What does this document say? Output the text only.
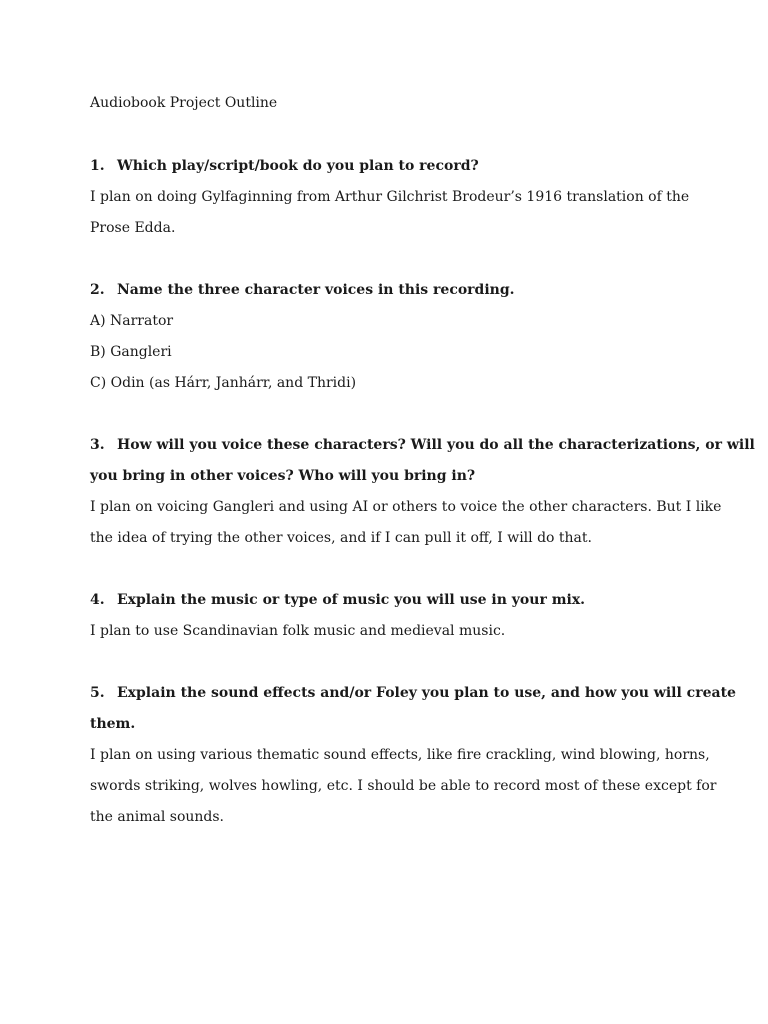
Audiobook Project Outline
1. Which play/script/book do you plan to record?
I plan on doing Gylfaginning from Arthur Gilchrist Brodeur’s 1916 translation of the
Prose Edda.
2. Name the three character voices in this recording.
A) Narrator
B) Gangleri
C) Odin (as Hárr, Janhárr, and Thridi)
3. How will you voice these characters? Will you do all the characterizations, or will
you bring in other voices? Who will you bring in?
I plan on voicing Gangleri and using AI or others to voice the other characters. But I like
the idea of trying the other voices, and if I can pull it off, I will do that.
4. Explain the music or type of music you will use in your mix.
I plan to use Scandinavian folk music and medieval music.
5. Explain the sound effects and/or Foley you plan to use, and how you will create
them.
I plan on using various thematic sound effects, like fire crackling, wind blowing, horns,
swords striking, wolves howling, etc. I should be able to record most of these except for
the animal sounds.
